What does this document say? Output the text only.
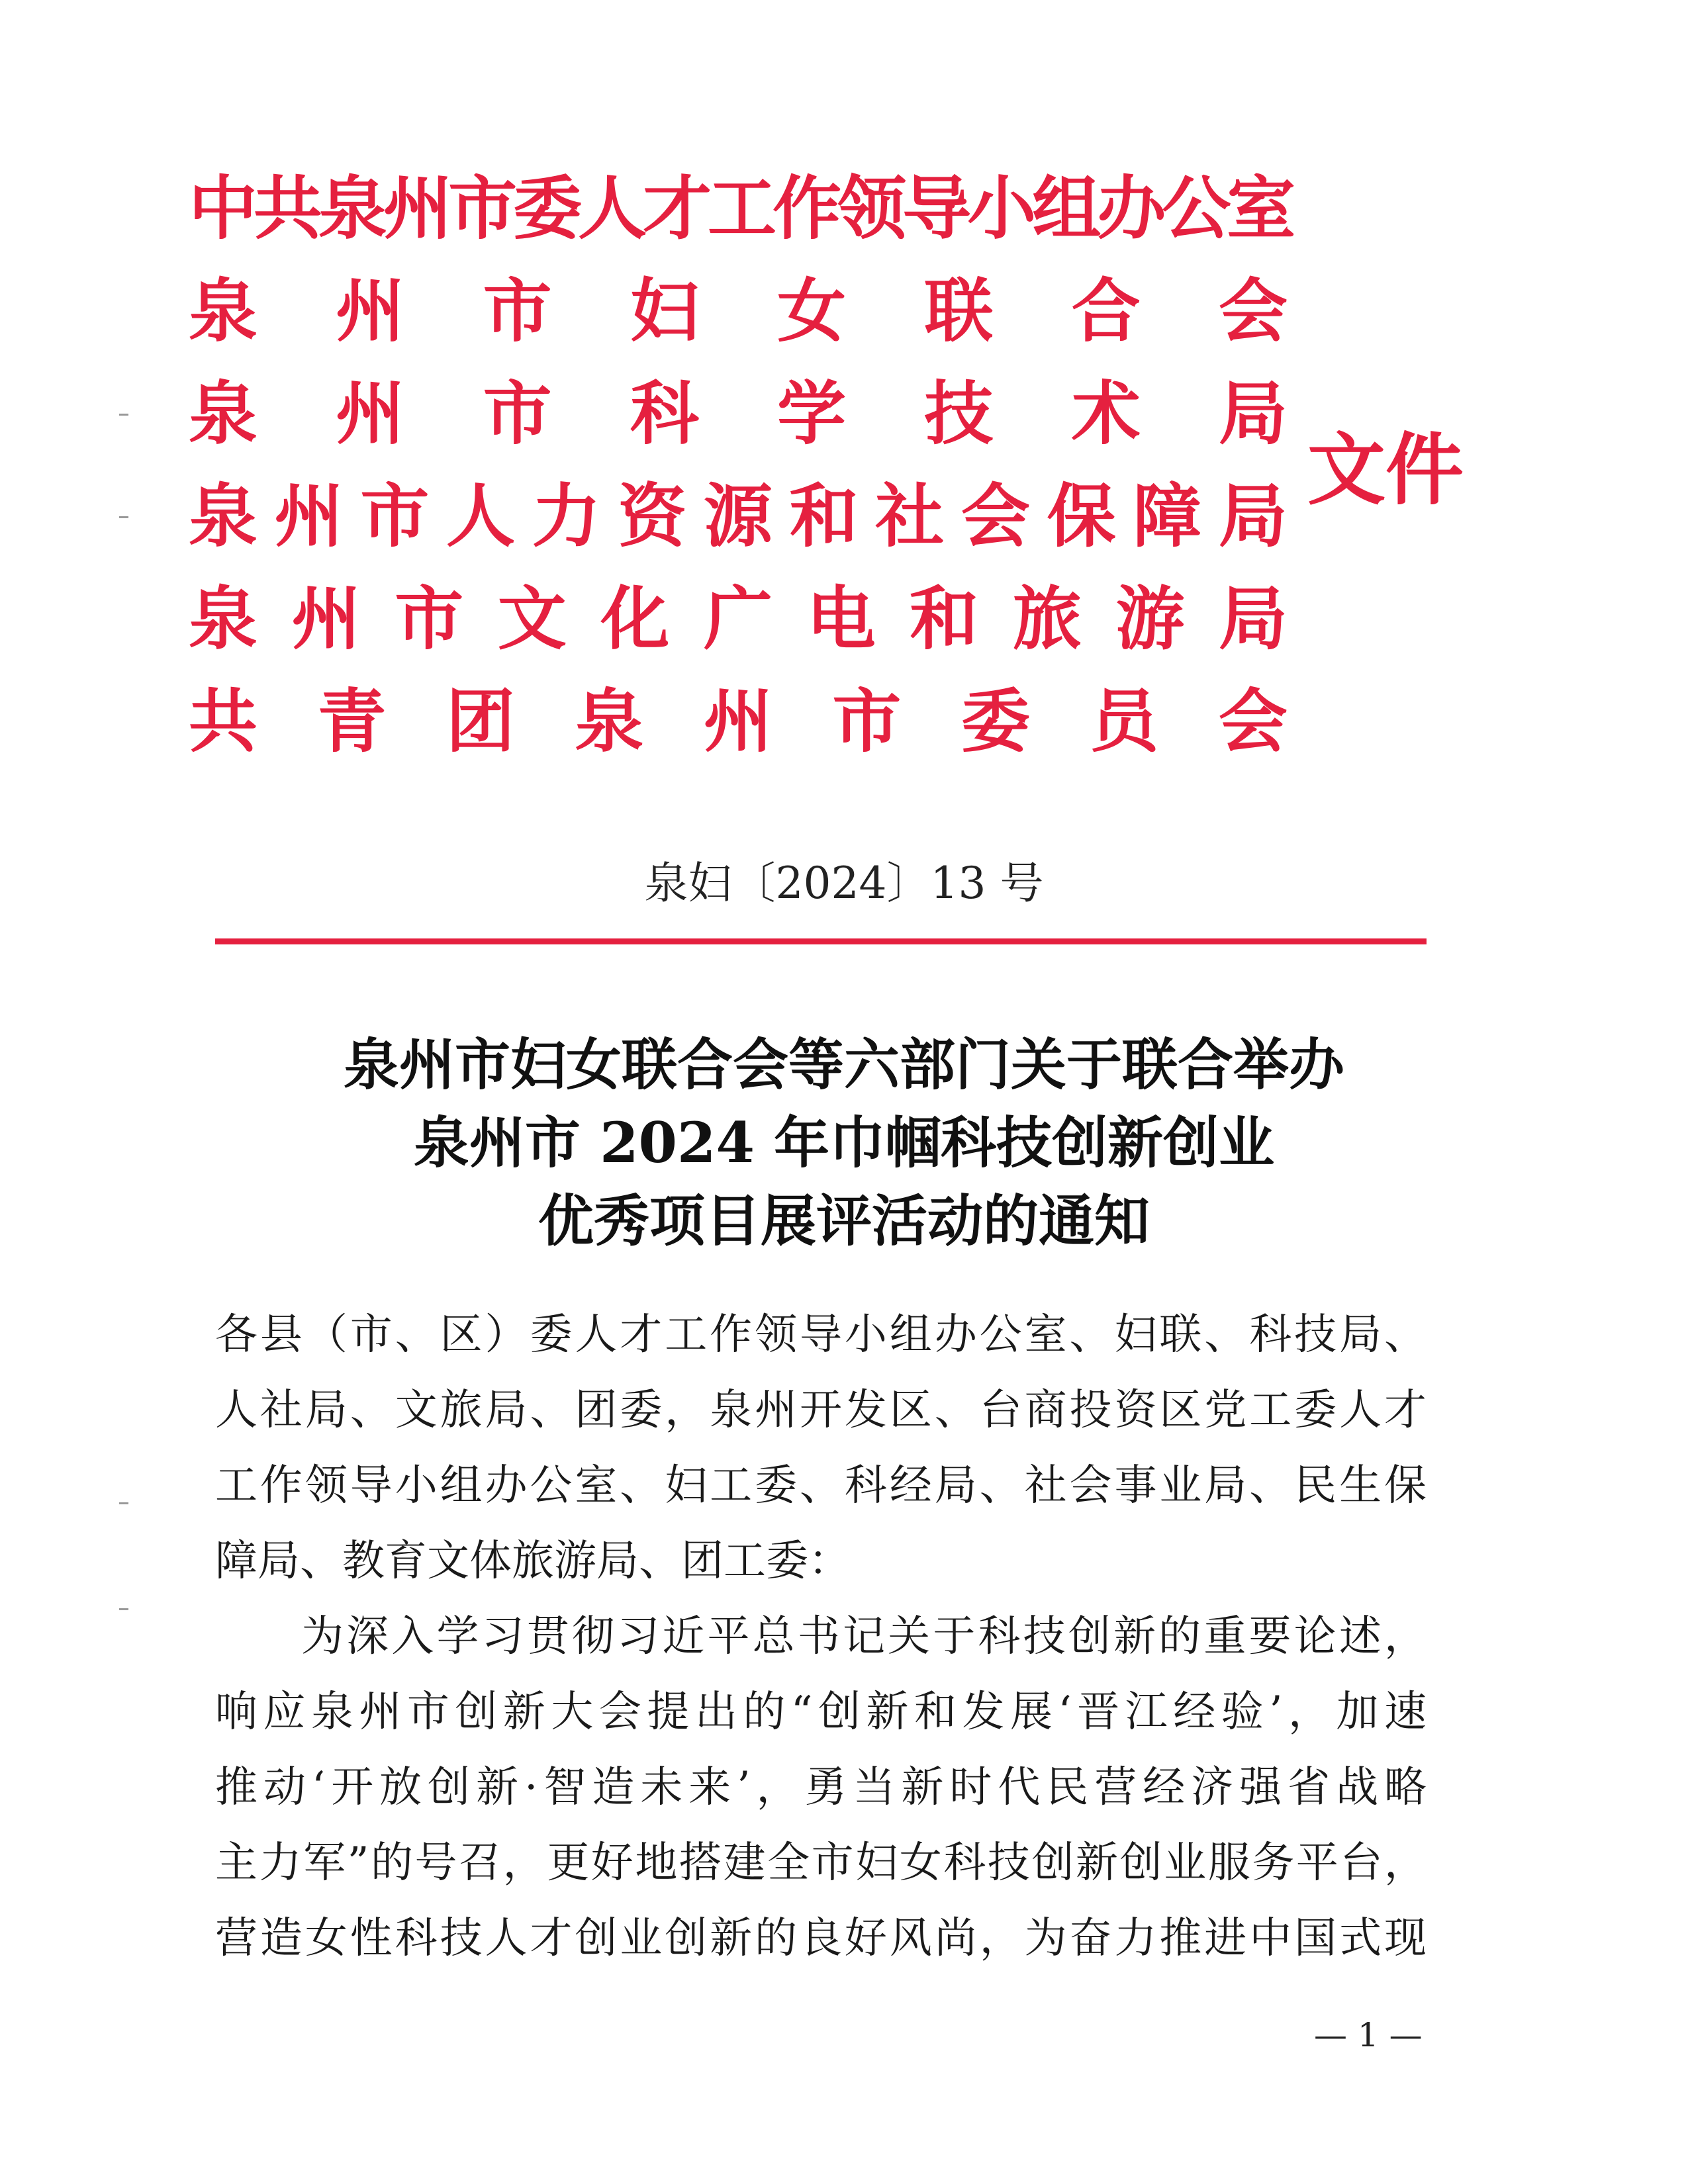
中 共 泉 州 市 委 人 才 工 作 领 导 小 组 办 公 室
泉 州 市 妇 女 联 合 会
泉 州 市 科 学 技 术 局
泉 州 市 人 力 资 源 和 社 会 保 障 局
泉 州 市 文 化 广 电 和 旅 游 局
共 青 团 泉 州 市 委 员 会
文件
泉妇〔2024〕13 号
泉州市妇女联合会等六部门关于联合举办
泉州市 2024 年巾帼科技创新创业
优秀项目展评活动的通知
各县（市、区）委人才工作领导小组办公室、妇联、科技局、
人社局、文旅局、团委，泉州开发区、台商投资区党工委人才
工作领导小组办公室、妇工委、科经局、社会事业局、民生保
障局、教育文体旅游局、团工委：
为深入学习贯彻习近平总书记关于科技创新的重要论述，
响应泉州市创新大会提出的“创新和发展‘晋江经验’，加速
推动‘开放创新·智造未来’，勇当新时代民营经济强省战略
主力军”的号召，更好地搭建全市妇女科技创新创业服务平台，
营造女性科技人才创业创新的良好风尚，为奋力推进中国式现
— 1 —
